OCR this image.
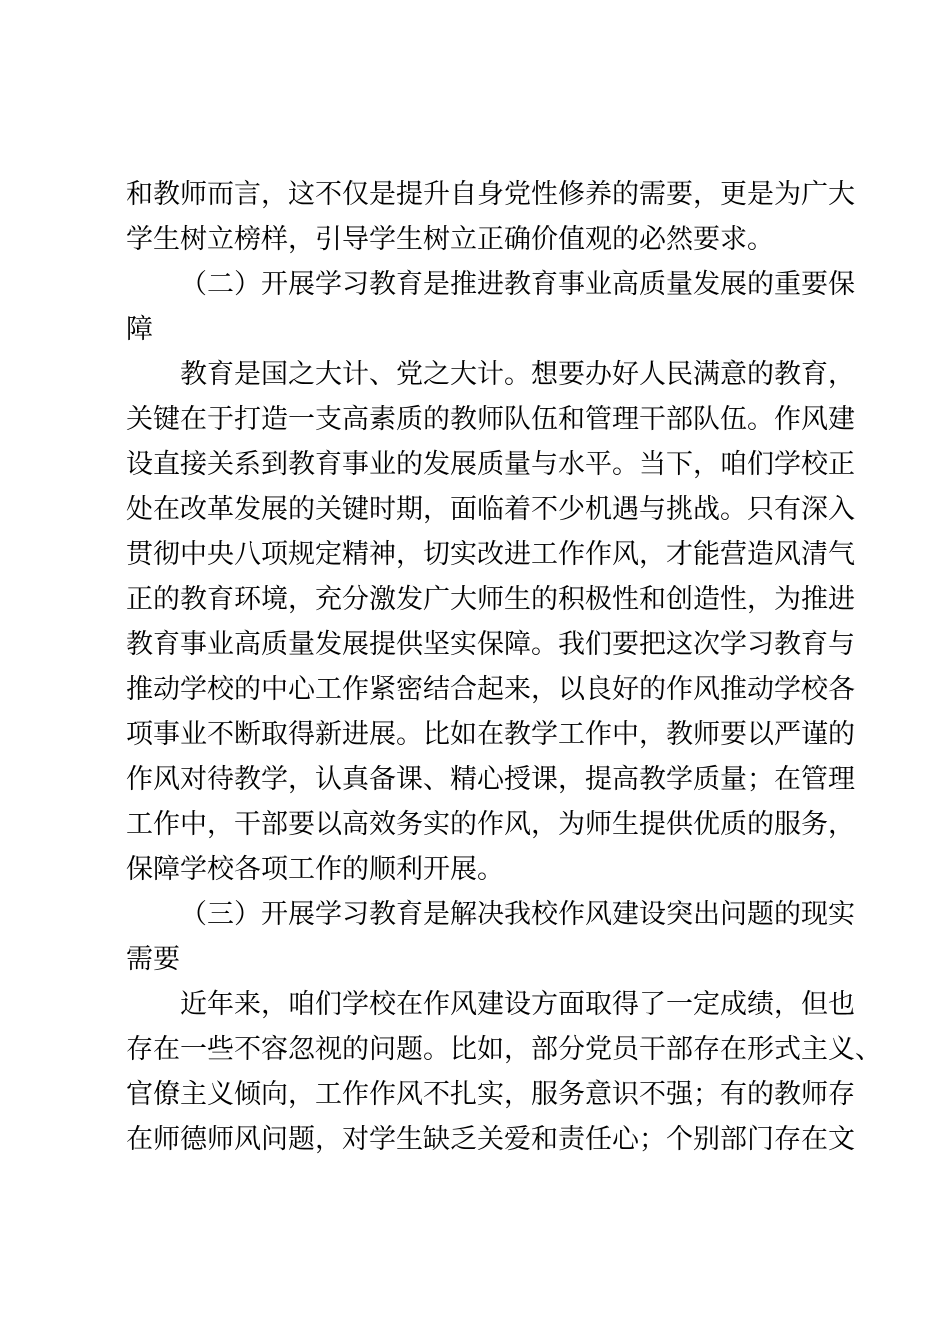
和教师而言，这不仅是提升自身党性修养的需要，更是为广大
学生树立榜样，引导学生树立正确价值观的必然要求。
（二）开展学习教育是推进教育事业高质量发展的重要保
障
教育是国之大计、党之大计。想要办好人民满意的教育，
关键在于打造一支高素质的教师队伍和管理干部队伍。作风建
设直接关系到教育事业的发展质量与水平。当下，咱们学校正
处在改革发展的关键时期，面临着不少机遇与挑战。只有深入
贯彻中央八项规定精神，切实改进工作作风，才能营造风清气
正的教育环境，充分激发广大师生的积极性和创造性，为推进
教育事业高质量发展提供坚实保障。我们要把这次学习教育与
推动学校的中心工作紧密结合起来，以良好的作风推动学校各
项事业不断取得新进展。比如在教学工作中，教师要以严谨的
作风对待教学，认真备课、精心授课，提高教学质量；在管理
工作中，干部要以高效务实的作风，为师生提供优质的服务，
保障学校各项工作的顺利开展。
（三）开展学习教育是解决我校作风建设突出问题的现实
需要
近年来，咱们学校在作风建设方面取得了一定成绩，但也
存在一些不容忽视的问题。比如，部分党员干部存在形式主义、
官僚主义倾向，工作作风不扎实，服务意识不强；有的教师存
在师德师风问题，对学生缺乏关爱和责任心；个别部门存在文
